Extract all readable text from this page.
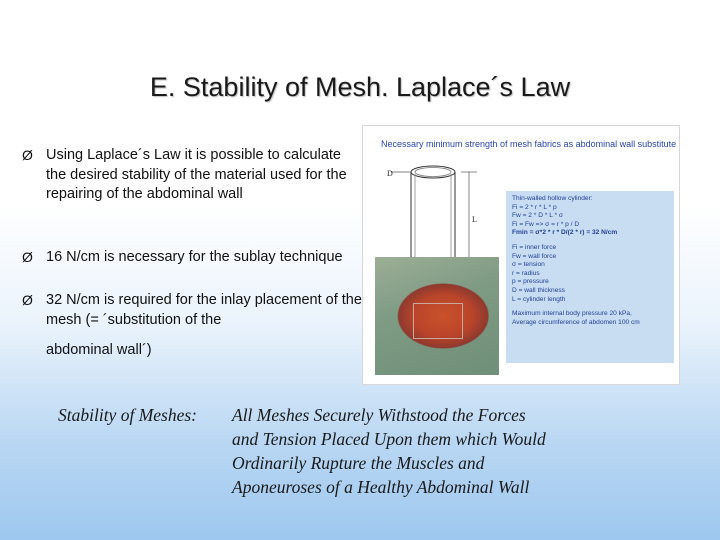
E. Stability of Mesh. Laplace´s Law
Ø Using Laplace´s Law it is possible to calculate the desired stability of the material used for the repairing of the abdominal wall
Ø 16 N/cm is necessary for the sublay technique
Ø 32 N/cm is required for the inlay placement of the mesh (= ´substitution of the
abdominal wall´)
Necessary minimum strength of mesh fabrics as abdominal wall substitute
D
L
Thin-walled hollow cylinder:
Fi = 2 * r * L * p
Fw = 2 * D * L * σ
Fi = Fw => σ = r * p / D
Fmin = σ*2 * r * D/(2 * r) = 32 N/cm
Fi = inner force
Fw = wall force
σ = tension
r = radius
p = pressure
D = wall thickness
L = cylinder length
Maximum internal body pressure 20 kPa,
Average circumference of abdomen 100 cm
Stability of Meshes: All Meshes Securely Withstood the Forces
and Tension Placed Upon them which Would
Ordinarily Rupture the Muscles and
Aponeuroses of a Healthy Abdominal Wall
